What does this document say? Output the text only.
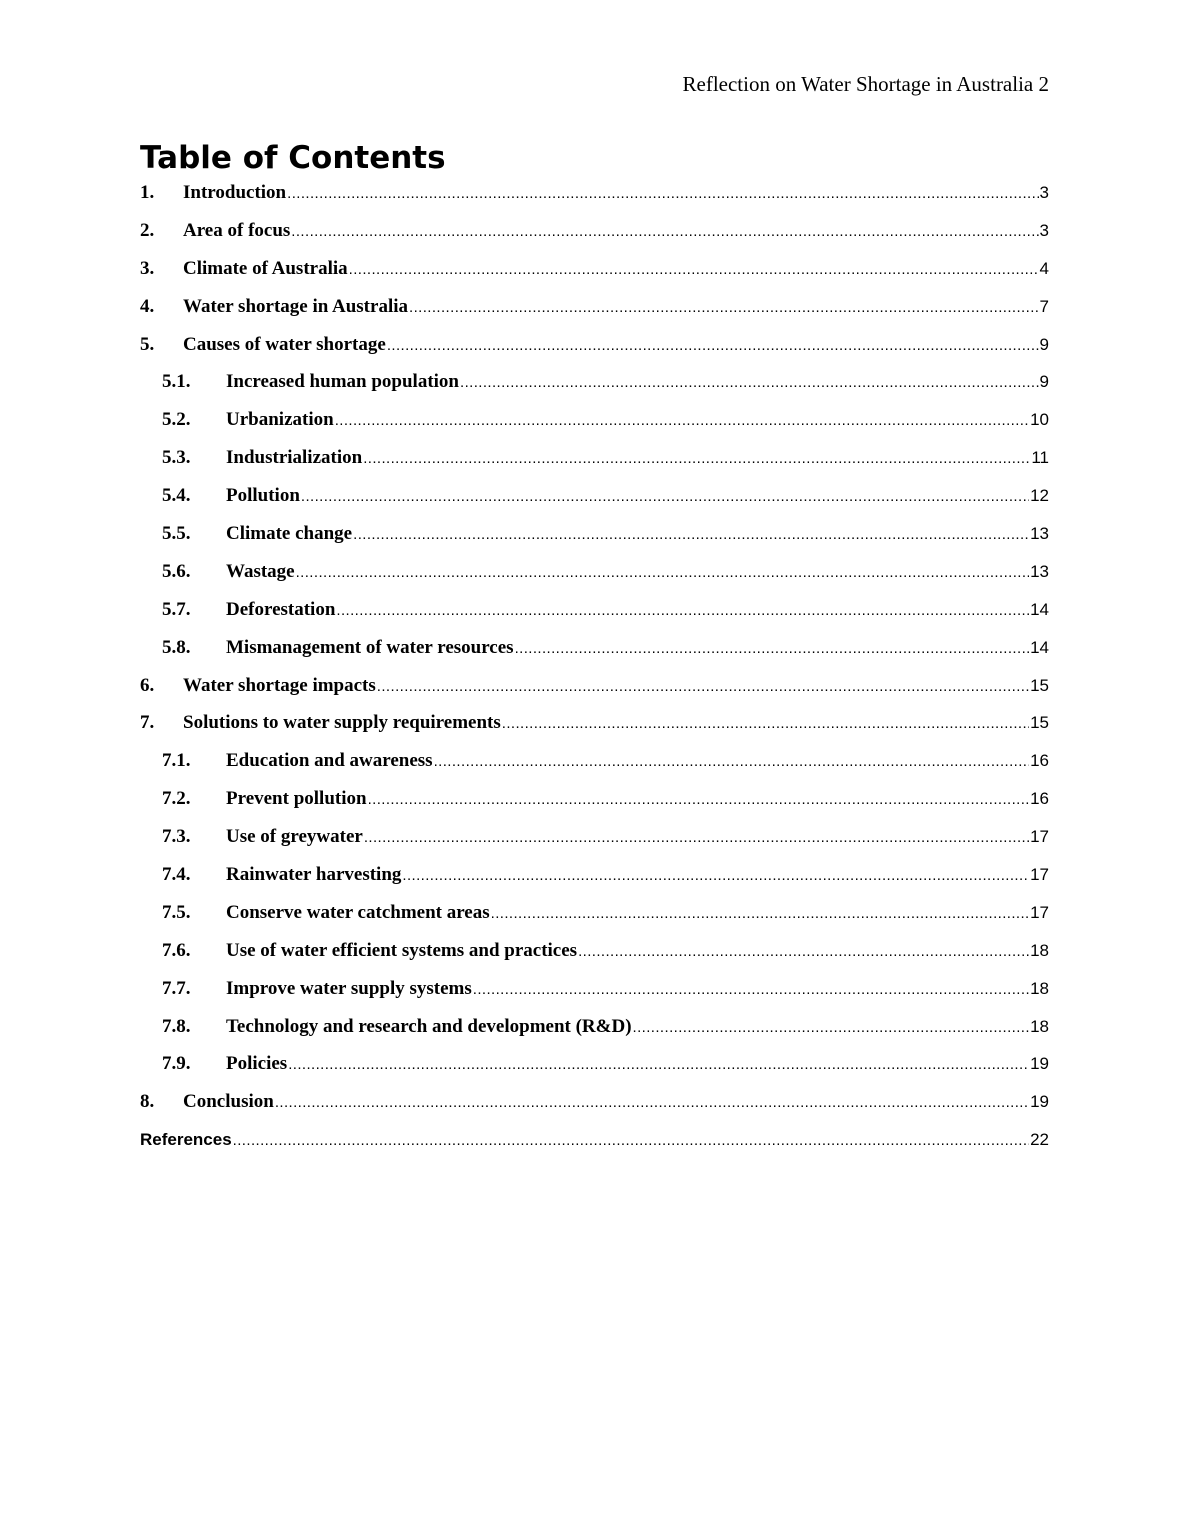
Reflection on Water Shortage in Australia 2
Table of Contents
1.	Introduction .....	3
2.	Area of focus .....	3
3.	Climate of Australia .....	4
4.	Water shortage in Australia .....	7
5.	Causes of water shortage .....	9
5.1.	Increased human population .....	9
5.2.	Urbanization .....	10
5.3.	Industrialization .....	11
5.4.	Pollution .....	12
5.5.	Climate change .....	13
5.6.	Wastage .....	13
5.7.	Deforestation .....	14
5.8.	Mismanagement of water resources .....	14
6.	Water shortage impacts .....	15
7.	Solutions to water supply requirements .....	15
7.1.	Education and awareness .....	16
7.2.	Prevent pollution .....	16
7.3.	Use of greywater .....	17
7.4.	Rainwater harvesting .....	17
7.5.	Conserve water catchment areas .....	17
7.6.	Use of water efficient systems and practices .....	18
7.7.	Improve water supply systems .....	18
7.8.	Technology and research and development (R&D) .....	18
7.9.	Policies .....	19
8.	Conclusion .....	19
References .....	22
